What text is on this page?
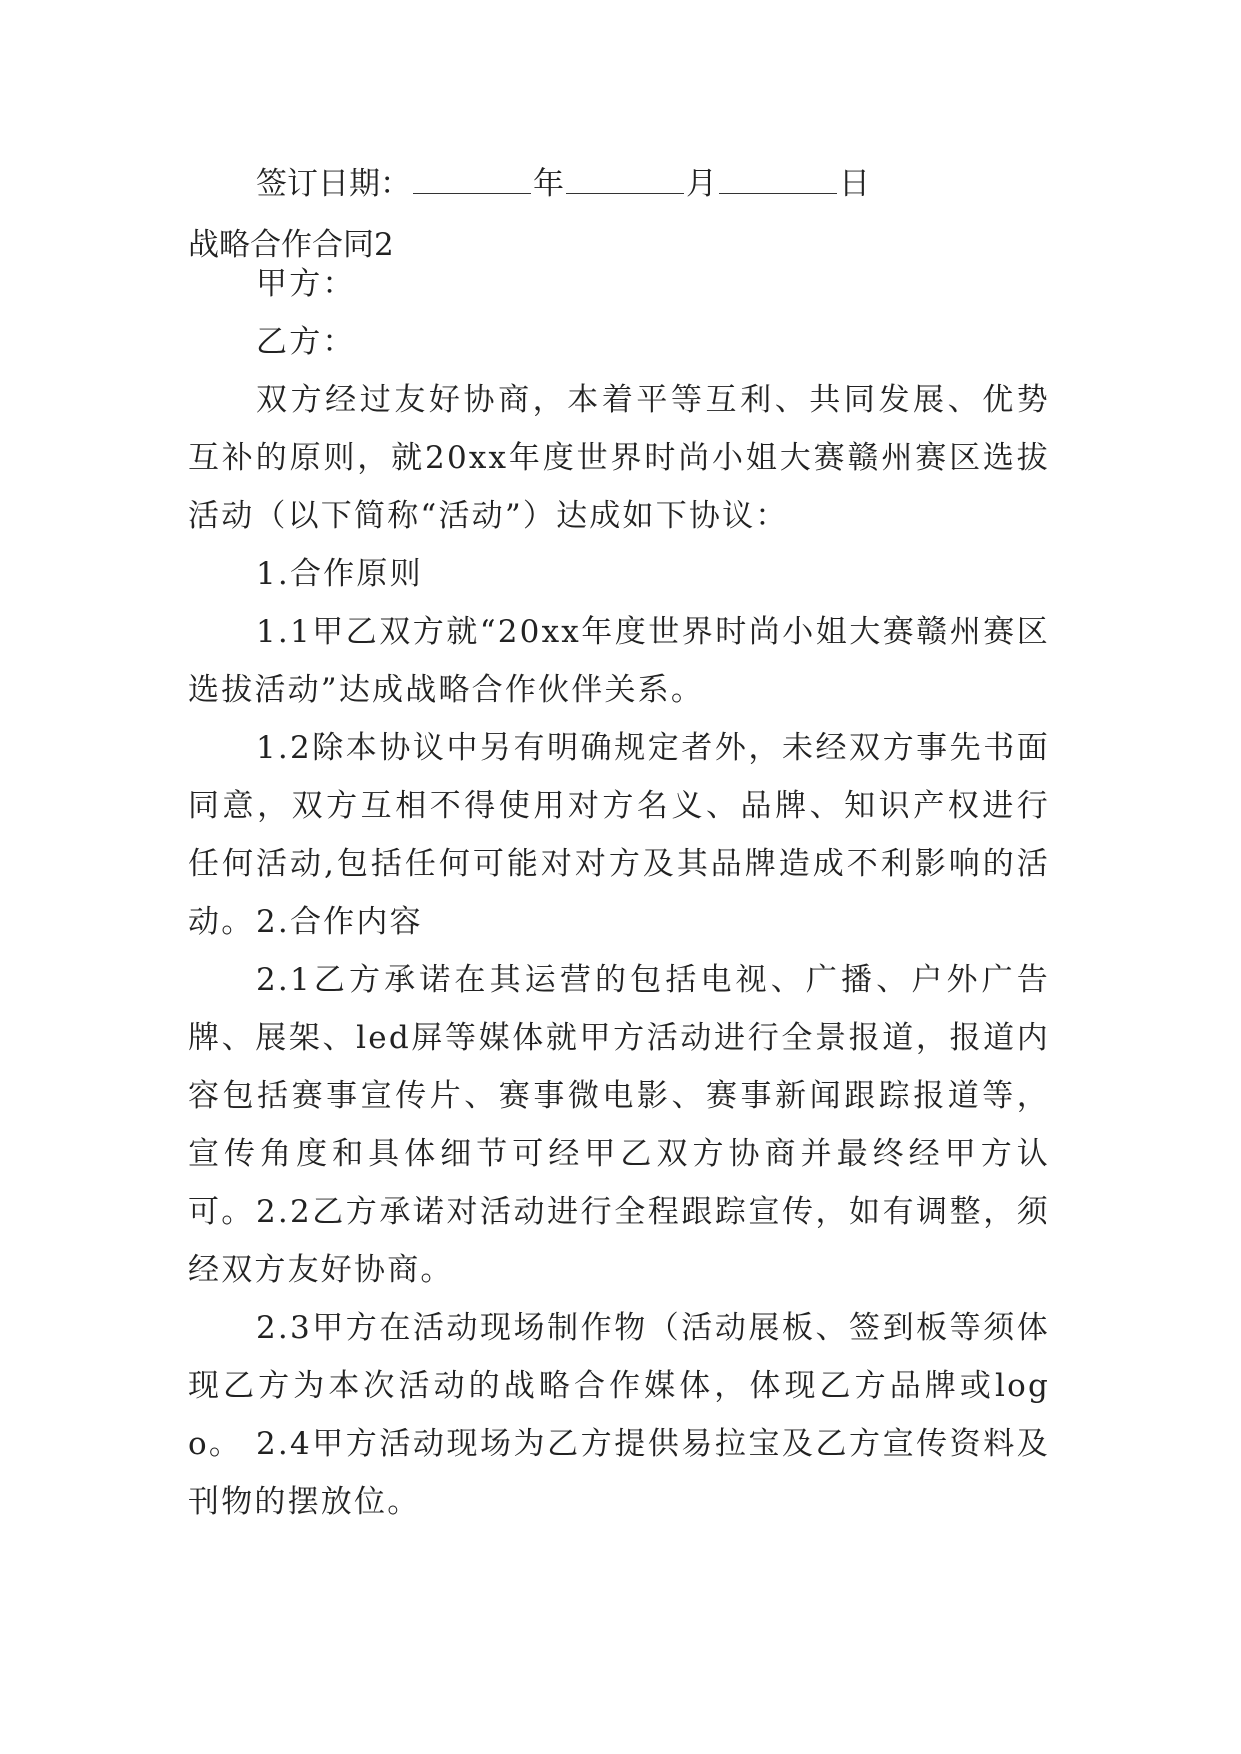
签订日期：	年	月	日
战略合作合同2
甲方：
乙方：
双方经过友好协商，本着平等互利、共同发展、优势互补的原则，就20xx年度世界时尚小姐大赛赣州赛区选拔活动（以下简称“活动”）达成如下协议：
1.合作原则
1.1甲乙双方就“20xx年度世界时尚小姐大赛赣州赛区选拔活动”达成战略合作伙伴关系。
1.2除本协议中另有明确规定者外，未经双方事先书面同意，双方互相不得使用对方名义、品牌、知识产权进行任何活动,包括任何可能对对方及其品牌造成不利影响的活动。 2.合作内容
2.1乙方承诺在其运营的包括电视、广播、户外广告牌、展架、led屏等媒体就甲方活动进行全景报道，报道内容包括赛事宣传片、赛事微电影、赛事新闻跟踪报道等，宣传角度和具体细节可经甲乙双方协商并最终经甲方认可。 2.2乙方承诺对活动进行全程跟踪宣传，如有调整，须经双方友好协商。
2.3甲方在活动现场制作物（活动展板、签到板等须体现乙方为本次活动的战略合作媒体，体现乙方品牌或logo。 2.4甲方活动现场为乙方提供易拉宝及乙方宣传资料及刊物的摆放位。
